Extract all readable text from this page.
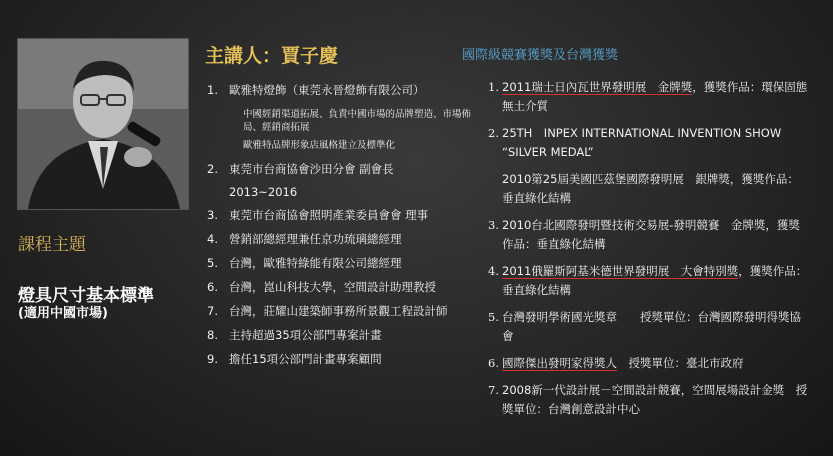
課程主題
燈具尺寸基本標準
(適用中國市場)
主講人：賈子慶
1. 歐雅特燈飾（東莞永晉燈飾有限公司）
中國經銷渠道拓展、負責中國市場的品牌塑造、市場佈局、經銷商拓展
歐雅特品牌形象店風格建立及標準化
2. 東莞市台商協會沙田分會 副會長
2013~2016
3. 東莞市台商協會照明產業委員會會 理事
4. 營銷部總經理兼任京功琉璃總經理
5. 台灣，歐雅特綠能有限公司總經理
6. 台灣，崑山科技大學，空間設計助理教授
7. 台灣，莊耀山建築師事務所景觀工程設計師
8. 主持超過35項公部門專案計畫
9. 擔任15項公部門計畫專案顧問
國際級競賽獲獎及台灣獲獎
1. 2011瑞士日內瓦世界發明展　金牌獎，獲獎作品：環保固態無土介質
2. 25TH　INPEX INTERNATIONAL INVENTION SHOW “SILVER MEDAL”
2010第25屆美國匹茲堡國際發明展　銀牌獎，獲獎作品：垂直綠化結構
3. 2010台北國際發明暨技術交易展-發明競賽　金牌獎，獲獎作品：垂直綠化結構
4. 2011俄羅斯阿基米德世界發明展　大會特別獎，獲獎作品：垂直綠化結構
5. 台灣發明學術國光獎章　　授獎單位：台灣國際發明得獎協會
6. 國際傑出發明家得獎人　授獎單位：臺北市政府
7. 2008新一代設計展－空間設計競賽，空間展場設計金獎　授獎單位：台灣創意設計中心
